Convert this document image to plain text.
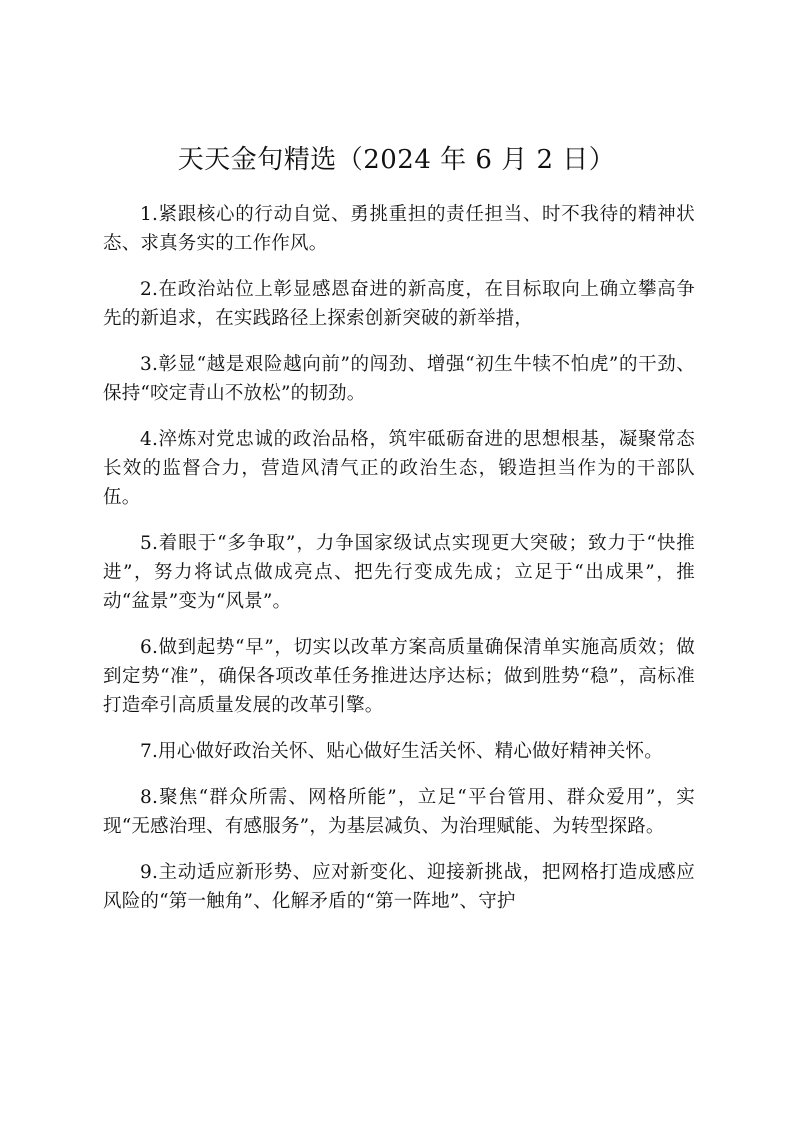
天天金句精选（2024 年 6 月 2 日）

1.紧跟核心的行动自觉、勇挑重担的责任担当、时不我待的精神状态、求真务实的工作作风。

2.在政治站位上彰显感恩奋进的新高度，在目标取向上确立攀高争先的新追求，在实践路径上探索创新突破的新举措，

3.彰显“越是艰险越向前”的闯劲、增强“初生牛犊不怕虎”的干劲、保持“咬定青山不放松”的韧劲。

4.淬炼对党忠诚的政治品格，筑牢砥砺奋进的思想根基，凝聚常态长效的监督合力，营造风清气正的政治生态，锻造担当作为的干部队伍。

5.着眼于“多争取”，力争国家级试点实现更大突破；致力于“快推进”，努力将试点做成亮点、把先行变成先成；立足于“出成果”，推动“盆景”变为“风景”。

6.做到起势“早”，切实以改革方案高质量确保清单实施高质效；做到定势“准”，确保各项改革任务推进达序达标；做到胜势“稳”，高标准打造牵引高质量发展的改革引擎。

7.用心做好政治关怀、贴心做好生活关怀、精心做好精神关怀。

8.聚焦“群众所需、网格所能”，立足“平台管用、群众爱用”，实现“无感治理、有感服务”，为基层减负、为治理赋能、为转型探路。

9.主动适应新形势、应对新变化、迎接新挑战，把网格打造成感应风险的“第一触角”、化解矛盾的“第一阵地”、守护
